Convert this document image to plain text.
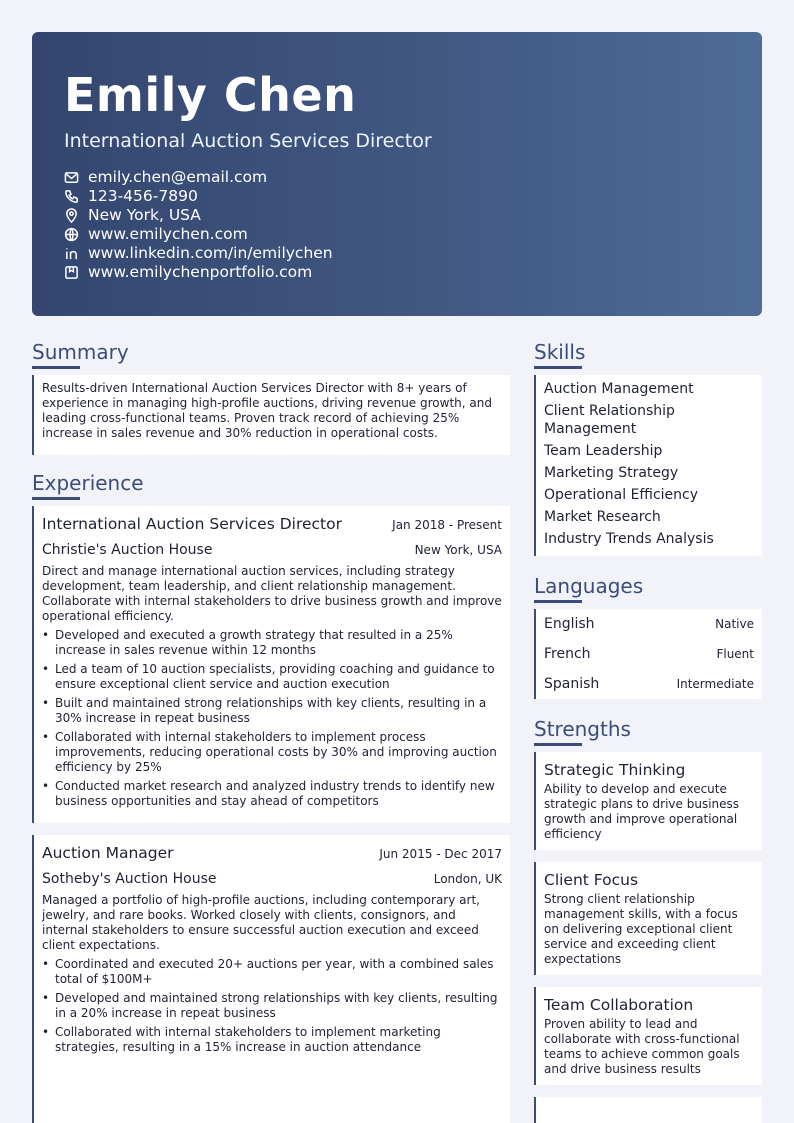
Emily Chen
International Auction Services Director
emily.chen@email.com
123-456-7890
New York, USA
www.emilychen.com
www.linkedin.com/in/emilychen
www.emilychenportfolio.com
Summary
Results-driven International Auction Services Director with 8+ years of experience in managing high-profile auctions, driving revenue growth, and leading cross-functional teams. Proven track record of achieving 25% increase in sales revenue and 30% reduction in operational costs.
Experience
International Auction Services Director	Jan 2018 - Present
Christie's Auction House	New York, USA
Direct and manage international auction services, including strategy development, team leadership, and client relationship management. Collaborate with internal stakeholders to drive business growth and improve operational efficiency.
• Developed and executed a growth strategy that resulted in a 25% increase in sales revenue within 12 months
• Led a team of 10 auction specialists, providing coaching and guidance to ensure exceptional client service and auction execution
• Built and maintained strong relationships with key clients, resulting in a 30% increase in repeat business
• Collaborated with internal stakeholders to implement process improvements, reducing operational costs by 30% and improving auction efficiency by 25%
• Conducted market research and analyzed industry trends to identify new business opportunities and stay ahead of competitors
Auction Manager	Jun 2015 - Dec 2017
Sotheby's Auction House	London, UK
Managed a portfolio of high-profile auctions, including contemporary art, jewelry, and rare books. Worked closely with clients, consignors, and internal stakeholders to ensure successful auction execution and exceed client expectations.
• Coordinated and executed 20+ auctions per year, with a combined sales total of $100M+
• Developed and maintained strong relationships with key clients, resulting in a 20% increase in repeat business
• Collaborated with internal stakeholders to implement marketing strategies, resulting in a 15% increase in auction attendance
Skills
Auction Management
Client Relationship Management
Team Leadership
Marketing Strategy
Operational Efficiency
Market Research
Industry Trends Analysis
Languages
English	Native
French	Fluent
Spanish	Intermediate
Strengths
Strategic Thinking
Ability to develop and execute strategic plans to drive business growth and improve operational efficiency
Client Focus
Strong client relationship management skills, with a focus on delivering exceptional client service and exceeding client expectations
Team Collaboration
Proven ability to lead and collaborate with cross-functional teams to achieve common goals and drive business results
